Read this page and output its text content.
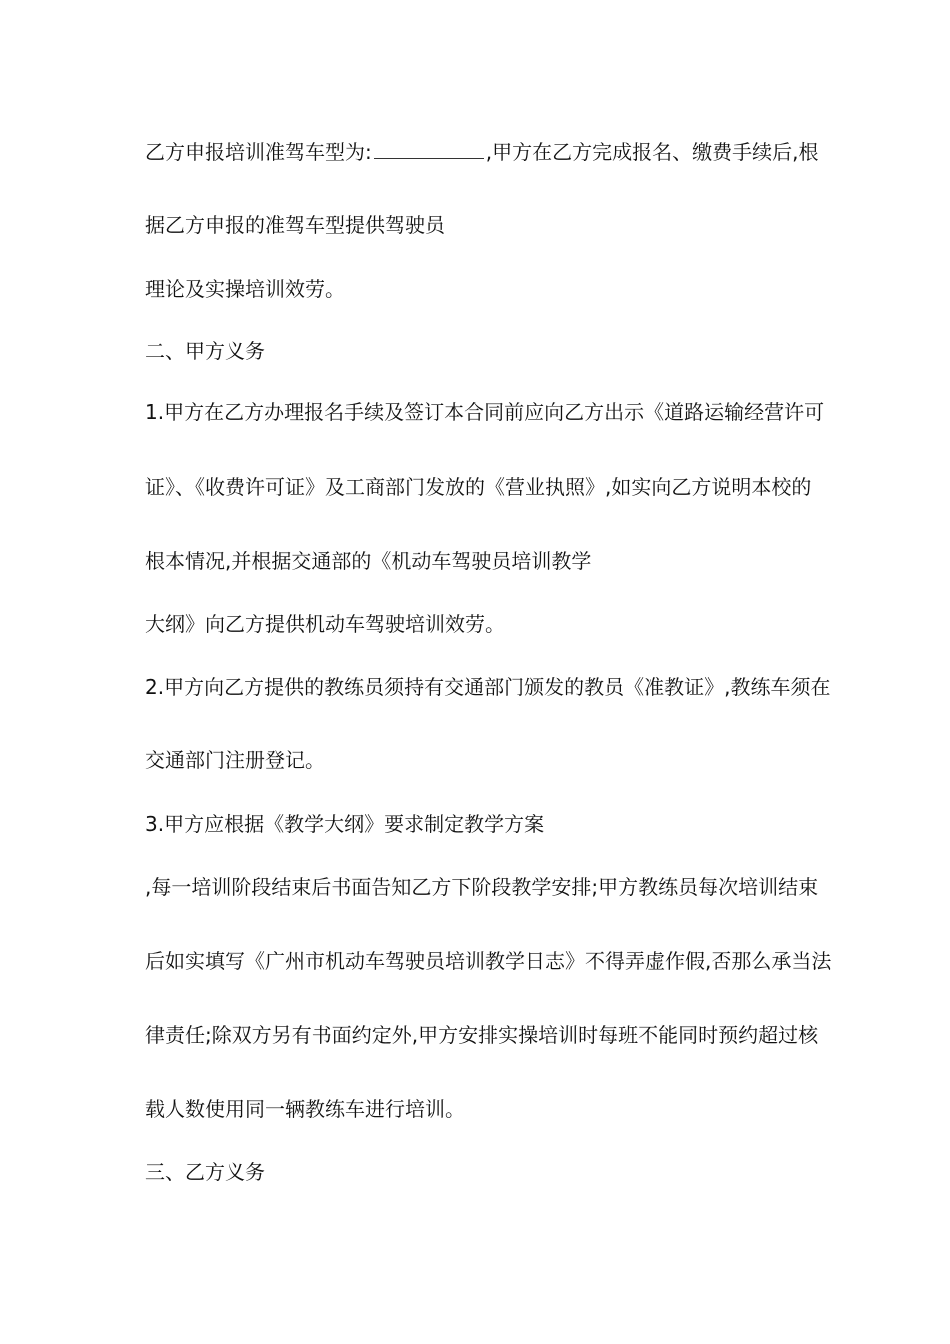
乙方申报培训准驾车型为:	,甲方在乙方完成报名、缴费手续后,根
据乙方申报的准驾车型提供驾驶员
理论及实操培训效劳。
二、甲方义务
1.甲方在乙方办理报名手续及签订本合同前应向乙方出示《道路运输经营许可
证》、《收费许可证》及工商部门发放的《营业执照》,如实向乙方说明本校的
根本情况,并根据交通部的《机动车驾驶员培训教学
大纲》向乙方提供机动车驾驶培训效劳。
2.甲方向乙方提供的教练员须持有交通部门颁发的教员《准教证》,教练车须在
交通部门注册登记。
3.甲方应根据《教学大纲》要求制定教学方案
,每一培训阶段结束后书面告知乙方下阶段教学安排;甲方教练员每次培训结束
后如实填写《广州市机动车驾驶员培训教学日志》不得弄虚作假,否那么承当法
律责任;除双方另有书面约定外,甲方安排实操培训时每班不能同时预约超过核
载人数使用同一辆教练车进行培训。
三、乙方义务
